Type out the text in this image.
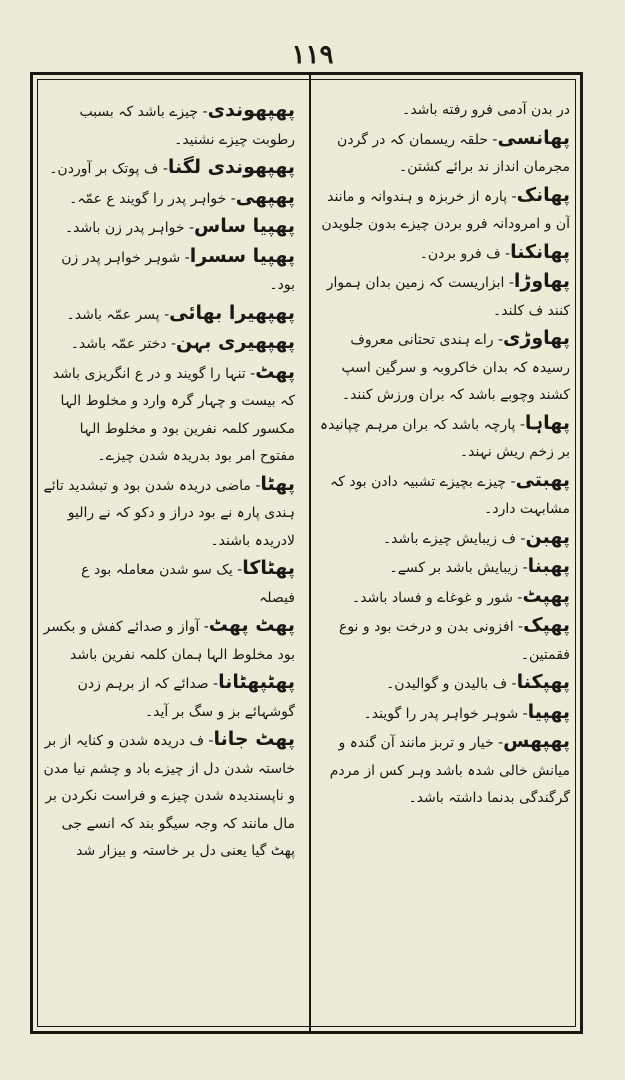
۱۱۹

در بدن آدمی فرو رفته باشد۔

پھانسی- حلقہ ریسمان کہ در گردن مجرمان انداز ند برائے کشتن۔

پھانک- پارہ از خربزہ و ہندوانہ و مانند آن و امرودانہ فرو بردن چیزے بدون جلویدن

پھانکنا- ف فرو بردن۔

پھاوڑا- ابزاریست کہ زمین بدان ہموار کنند ف کلند۔

پھاوڑی- راے ہندی تحتانی معروف رسیدہ کہ بدان خاکروبہ و سرگین اسپ کشند وچوبے باشد کہ بران ورزش کنند۔

پھاہا- پارچہ باشد کہ بران مرہم چپانیدہ بر زخم ریش نہند۔

پھبتی- چیزے بچیزے تشبیہ دادن بود کہ مشابہت دارد۔

پھبن- ف زیبایش چیزے باشد۔

پھبنا- زیبایش باشد بر کسے۔

پھپٹ- شور و غوغاے و فساد باشد۔

پھپک- افزونی بدن و درخت بود و نوع فقمتین۔

پھپکنا- ف بالیدن و گوالیدن۔

پھپیا- شوہر خواہر پدر را گویند۔

پھپھس- خیار و تربز مانند آن گندہ و میانش خالی شدہ باشد وہر کس از مردم گرگندگی بدنما داشتہ باشد۔

پھپھوندی- چیزے باشد کہ بسبب رطوبت چیزے نشنید۔

پھپھوندی لگنا- ف پوتک بر آوردن۔

پھپھی- خواہر پدر را گویند ع عمّہ۔

پھپیا ساس- خواہر پدر زن باشد۔

پھپیا سسرا- شوہر خواہر پدر زن بود۔

پھپھیرا بھائی- پسر عمّہ باشد۔

پھپھیری بہن- دختر عمّہ باشد۔

پھٹ- تنہا را گویند و در ع انگریزی باشد کہ بیست و چہار گرہ وارد و مخلوط الہا مکسور کلمہ نفرین بود و مخلوط الہا مفتوح امر بود بدریدہ شدن چیزے۔

پھٹا- ماضی دریدہ شدن بود و تبشدید تائے ہندی پارہ نے بود دراز و دکو کہ نے رالیو لادریدہ باشند۔

پھٹاکا- یک سو شدن معاملہ بود ع فیصلہ

پھٹ پھٹ- آواز و صدائے کفش و بکسر بود مخلوط الہا ہمان کلمہ نفرین باشد

پھٹپھٹانا- صدائے کہ از برہم زدن گوشہائے بز و سگ بر آید۔

پھٹ جانا- ف دریدہ شدن و کنایہ از بر خاستہ شدن دل از چیزے باد و چشم نیا مدن و ناپسندیدہ شدن چیزے و فراست نکردن بر مال مانند کہ وجہ سیگو بند کہ انسے جی پھٹ گیا یعنی دل بر خاستہ و بیزار شد
